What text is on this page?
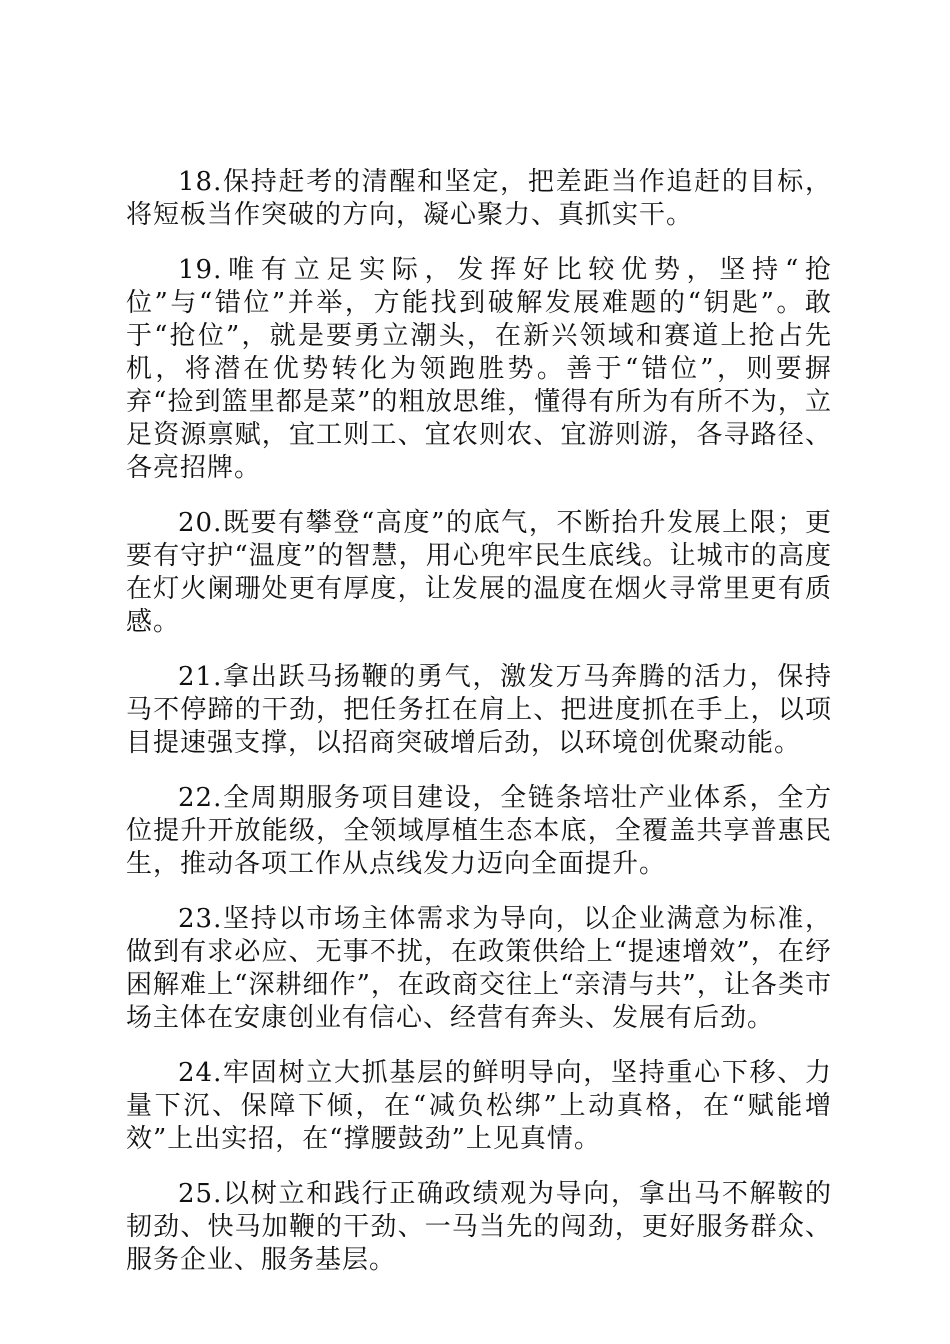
18.保持赶考的清醒和坚定，把差距当作追赶的目标，将短板当作突破的方向，凝心聚力、真抓实干。

19.唯有立足实际，发挥好比较优势，坚持“抢位”与“错位”并举，方能找到破解发展难题的“钥匙”。敢于“抢位”，就是要勇立潮头，在新兴领域和赛道上抢占先机，将潜在优势转化为领跑胜势。善于“错位”，则要摒弃“捡到篮里都是菜”的粗放思维，懂得有所为有所不为，立足资源禀赋，宜工则工、宜农则农、宜游则游，各寻路径、各亮招牌。

20.既要有攀登“高度”的底气，不断抬升发展上限；更要有守护“温度”的智慧，用心兜牢民生底线。让城市的高度在灯火阑珊处更有厚度，让发展的温度在烟火寻常里更有质感。

21.拿出跃马扬鞭的勇气，激发万马奔腾的活力，保持马不停蹄的干劲，把任务扛在肩上、把进度抓在手上，以项目提速强支撑，以招商突破增后劲，以环境创优聚动能。

22.全周期服务项目建设，全链条培壮产业体系，全方位提升开放能级，全领域厚植生态本底，全覆盖共享普惠民生，推动各项工作从点线发力迈向全面提升。

23.坚持以市场主体需求为导向，以企业满意为标准，做到有求必应、无事不扰，在政策供给上“提速增效”，在纾困解难上“深耕细作”，在政商交往上“亲清与共”，让各类市场主体在安康创业有信心、经营有奔头、发展有后劲。

24.牢固树立大抓基层的鲜明导向，坚持重心下移、力量下沉、保障下倾，在“减负松绑”上动真格，在“赋能增效”上出实招，在“撑腰鼓劲”上见真情。

25.以树立和践行正确政绩观为导向，拿出马不解鞍的韧劲、快马加鞭的干劲、一马当先的闯劲，更好服务群众、服务企业、服务基层。
